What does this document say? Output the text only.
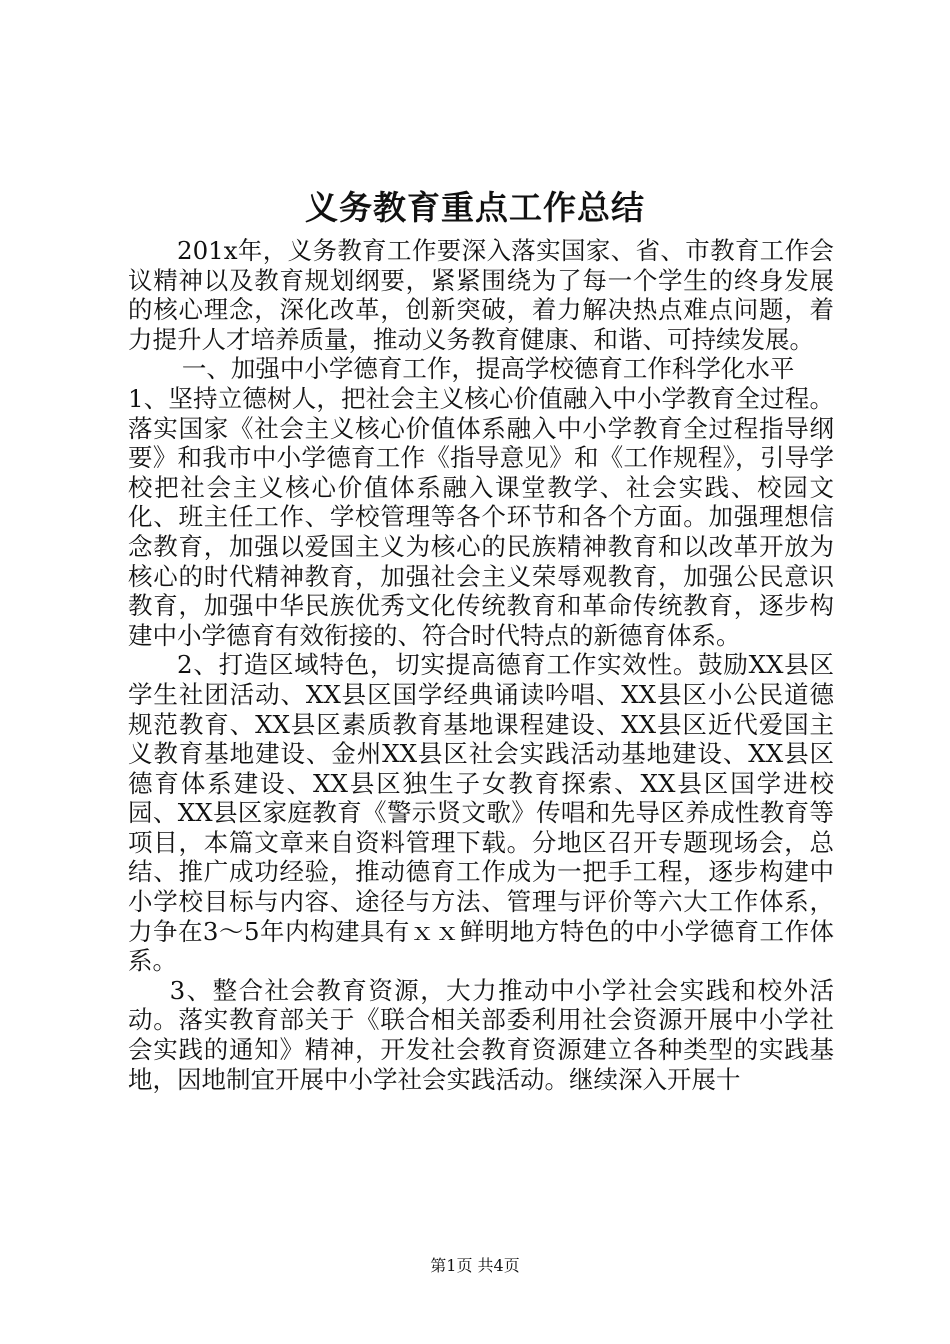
义务教育重点工作总结

201x年，义务教育工作要深入落实国家、省、市教育工作会议精神以及教育规划纲要，紧紧围绕为了每一个学生的终身发展的核心理念，深化改革，创新突破，着力解决热点难点问题，着力提升人才培养质量，推动义务教育健康、和谐、可持续发展。

一、加强中小学德育工作，提高学校德育工作科学化水平

1、坚持立德树人，把社会主义核心价值融入中小学教育全过程。落实国家《社会主义核心价值体系融入中小学教育全过程指导纲要》和我市中小学德育工作《指导意见》和《工作规程》，引导学校把社会主义核心价值体系融入课堂教学、社会实践、校园文化、班主任工作、学校管理等各个环节和各个方面。加强理想信念教育，加强以爱国主义为核心的民族精神教育和以改革开放为核心的时代精神教育，加强社会主义荣辱观教育，加强公民意识教育，加强中华民族优秀文化传统教育和革命传统教育，逐步构建中小学德育有效衔接的、符合时代特点的新德育体系。

2、打造区域特色，切实提高德育工作实效性。鼓励XX县区学生社团活动、XX县区国学经典诵读吟唱、XX县区小公民道德规范教育、XX县区素质教育基地课程建设、XX县区近代爱国主义教育基地建设、金州XX县区社会实践活动基地建设、XX县区德育体系建设、XX县区独生子女教育探索、XX县区国学进校园、XX县区家庭教育《警示贤文歌》传唱和先导区养成性教育等项目，本篇文章来自资料管理下载。分地区召开专题现场会，总结、推广成功经验，推动德育工作成为一把手工程，逐步构建中小学校目标与内容、途径与方法、管理与评价等六大工作体系，力争在3～5年内构建具有ｘｘ鲜明地方特色的中小学德育工作体系。

3、整合社会教育资源，大力推动中小学社会实践和校外活动。落实教育部关于《联合相关部委利用社会资源开展中小学社会实践的通知》精神，开发社会教育资源建立各种类型的实践基地，因地制宜开展中小学社会实践活动。继续深入开展十

第1页 共4页
